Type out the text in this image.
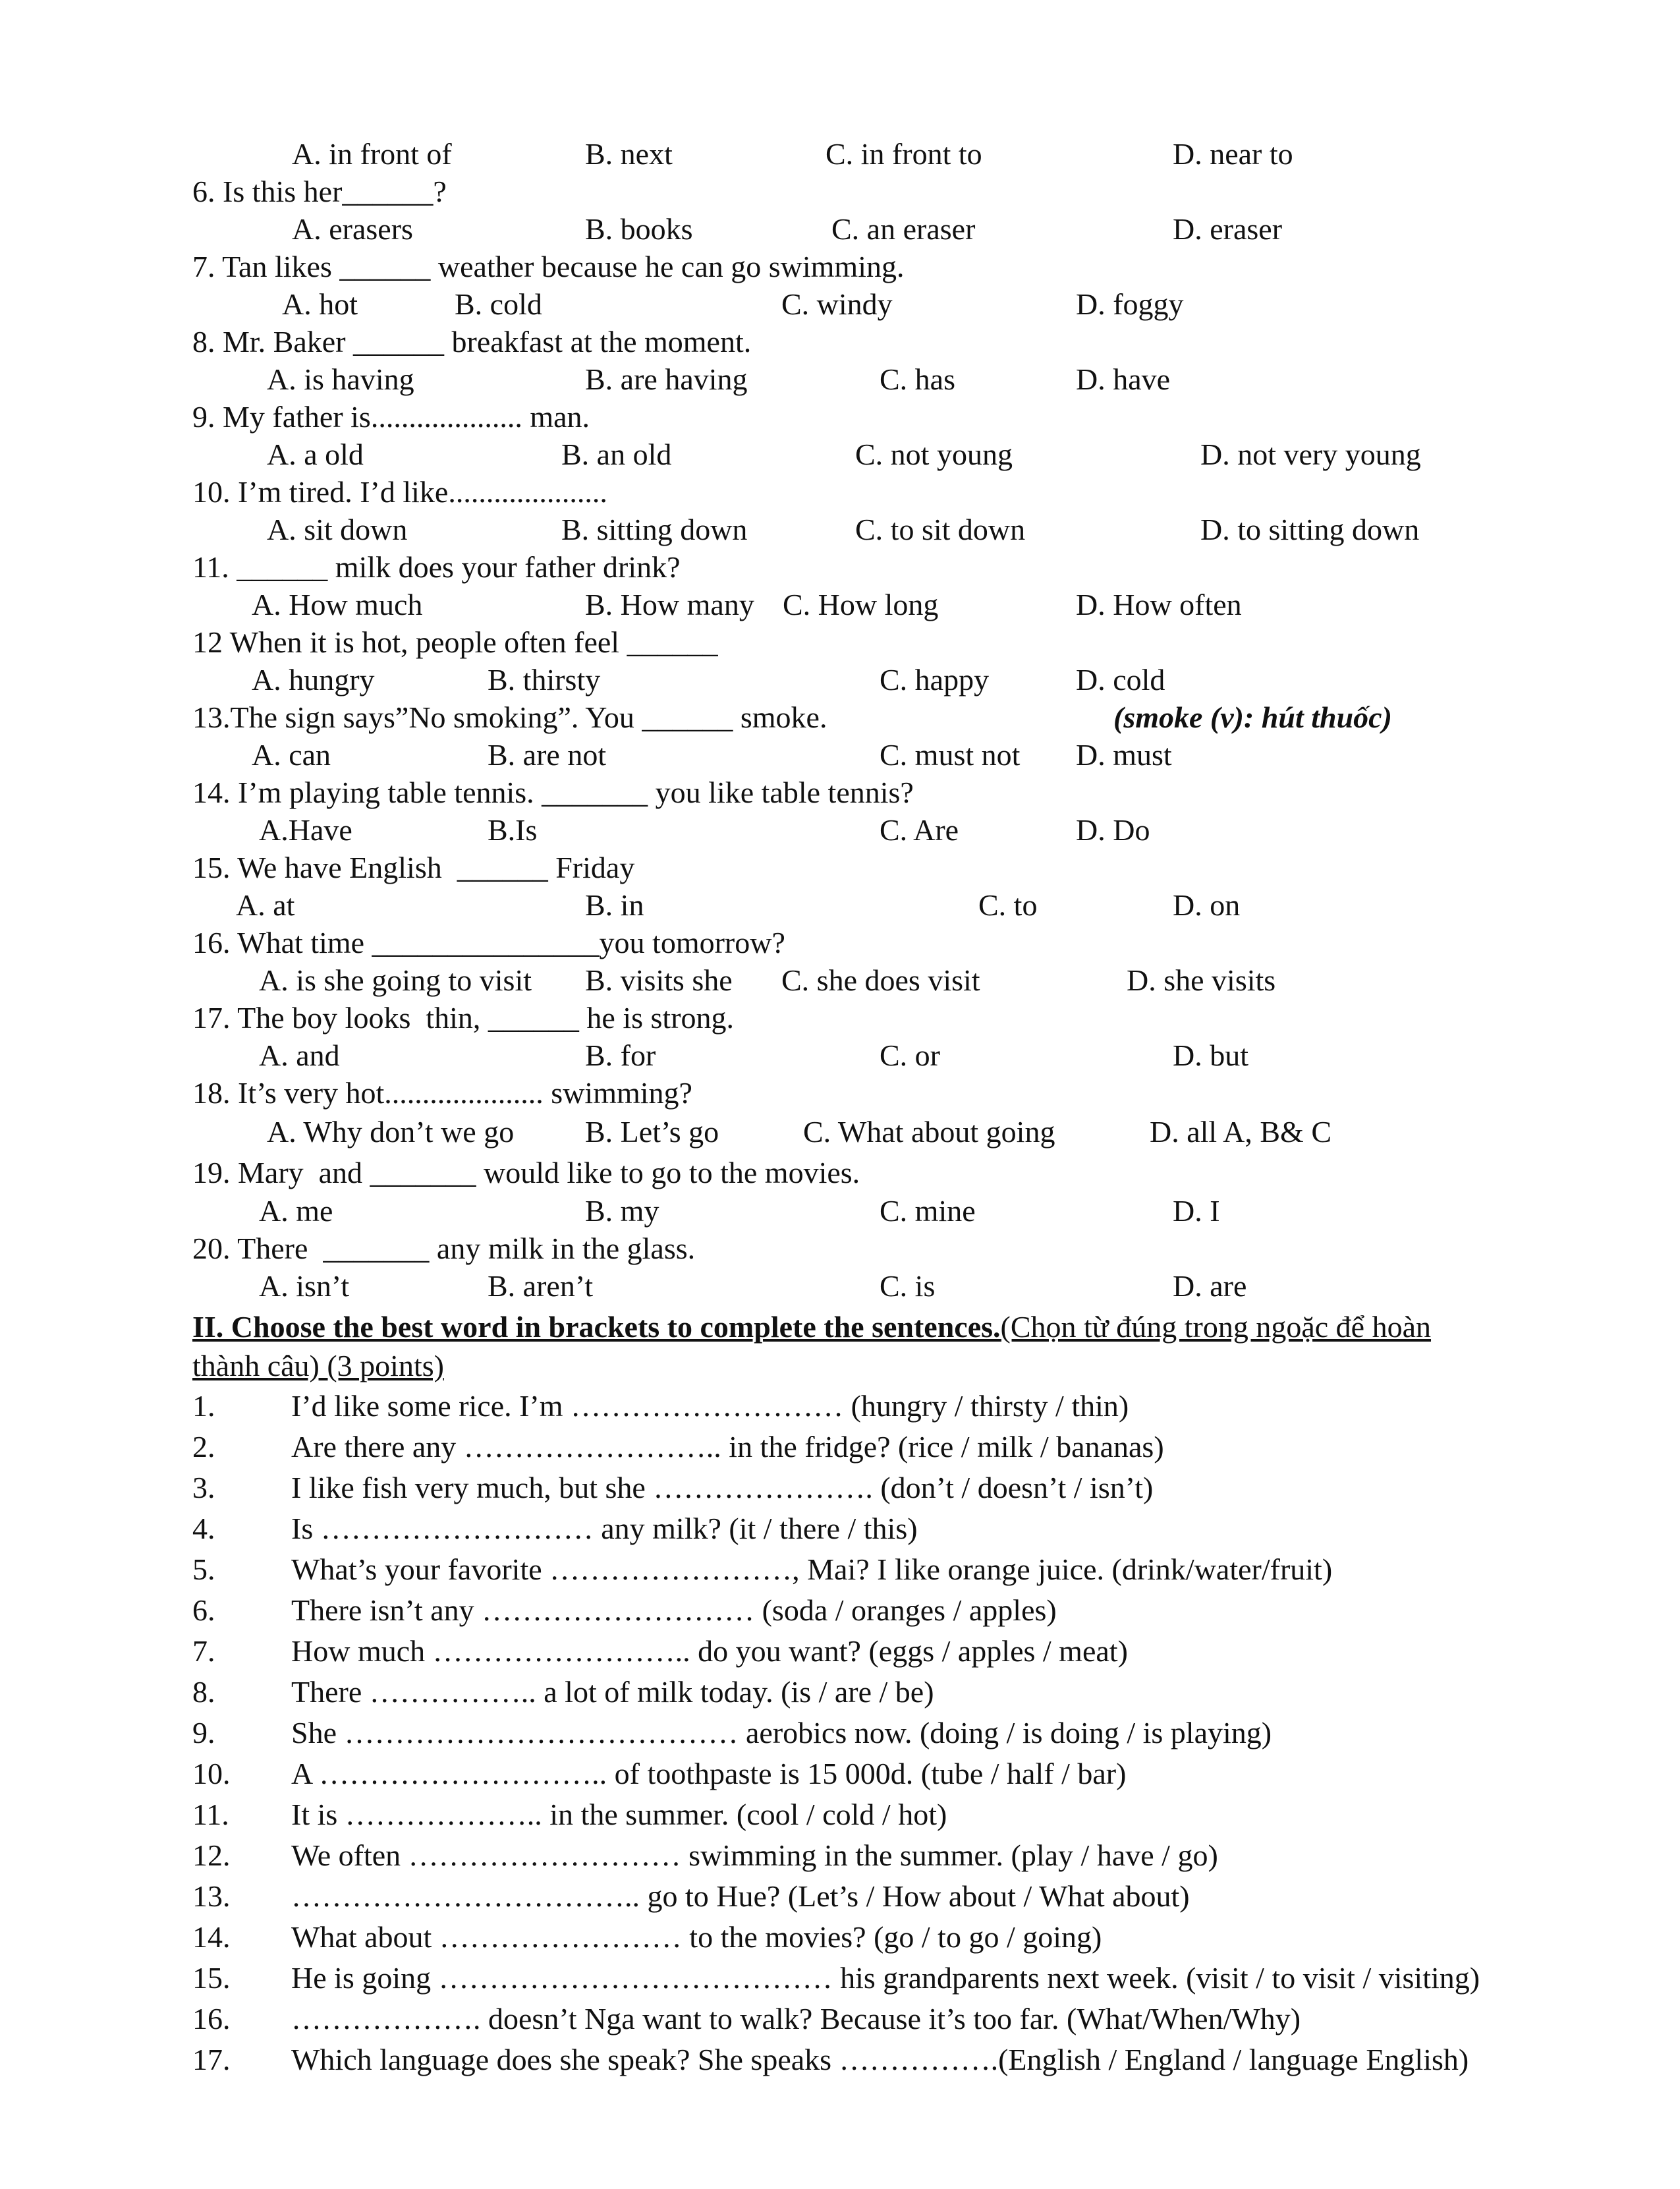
A. in front of

	B. next

	C. in front to

	D. near to

6. Is this her______?

A. erasers

	B. books

	C. an eraser

	D. eraser

7. Tan likes ______ weather because he can go swimming.

A. hot

	B. cold

	C. windy

	D. foggy

8. Mr. Baker ______ breakfast at the moment.

A. is having

	B. are having

	C. has

	D. have

9. My father is.................... man.

A. a old

	B. an old

	C. not young

	D. not very young

10. I’m tired. I’d like.....................

A. sit down

	B. sitting down

	C. to sit down

	D. to sitting down

11. ______ milk does your father drink?

A. How much

	B. How many

C. How long

	D. How often

12 When it is hot, people often feel ______

A. hungry

	B. thirsty

	C. happy

	D. cold

13.The sign says”No smoking”. You ______ smoke.

	(smoke (v): hút thuốc)

A. can

	B. are not

	C. must not

D. must

14. I’m playing table tennis. _______ you like table tennis?

A.Have

	B.Is

	C. Are

	D. Do

15. We have English  ______ Friday

A. at

	B. in

	C. to

	D. on

16. What time _______________you tomorrow?

A. is she going to visit

B. visits she

C. she does visit

	D. she visits

17. The boy looks  thin, ______ he is strong.

A. and

	B. for

	C. or

	D. but

18. It’s very hot..................... swimming?

A. Why don’t we go

B. Let’s go

	C. What about going

	D. all A, B& C

19. Mary  and _______ would like to go to the movies.

A. me

	B. my

	C. mine

	D. I

20. There  _______ any milk in the glass.

A. isn’t

	B. aren’t

	C. is

	D. are

II. Choose the best word in brackets to complete the sentences.(Chọn từ đúng trong ngoặc để hoàn

thành câu) (3 points)

1.

	I’d like some rice. I’m ……………………… (hungry / thirsty / thin)

2.

	Are there any …………………….. in the fridge? (rice / milk / bananas)

3.

	I like fish very much, but she …………………. (don’t / doesn’t / isn’t)

4.

	Is ……………………… any milk? (it / there / this)

5.

	What’s your favorite ……………………, Mai? I like orange juice. (drink/water/fruit)

6.

	There isn’t any ……………………… (soda / oranges / apples)

7.

	How much …………………….. do you want? (eggs / apples / meat)

8.

	There …………….. a lot of milk today. (is / are / be)

9.

	She ………………………………… aerobics now. (doing / is doing / is playing)

10.

A ……………………….. of toothpaste is 15 000d. (tube / half / bar)

11.

It is ……………….. in the summer. (cool / cold / hot)

12.

We often ……………………… swimming in the summer. (play / have / go)

13.

…………………………….. go to Hue? (Let’s / How about / What about)

14.

What about …………………… to the movies? (go / to go / going)

15.

He is going ………………………………… his grandparents next week. (visit / to visit / visiting)

16.

………………. doesn’t Nga want to walk? Because it’s too far. (What/When/Why)

17.

Which language does she speak? She speaks …………….(English / England / language English)
